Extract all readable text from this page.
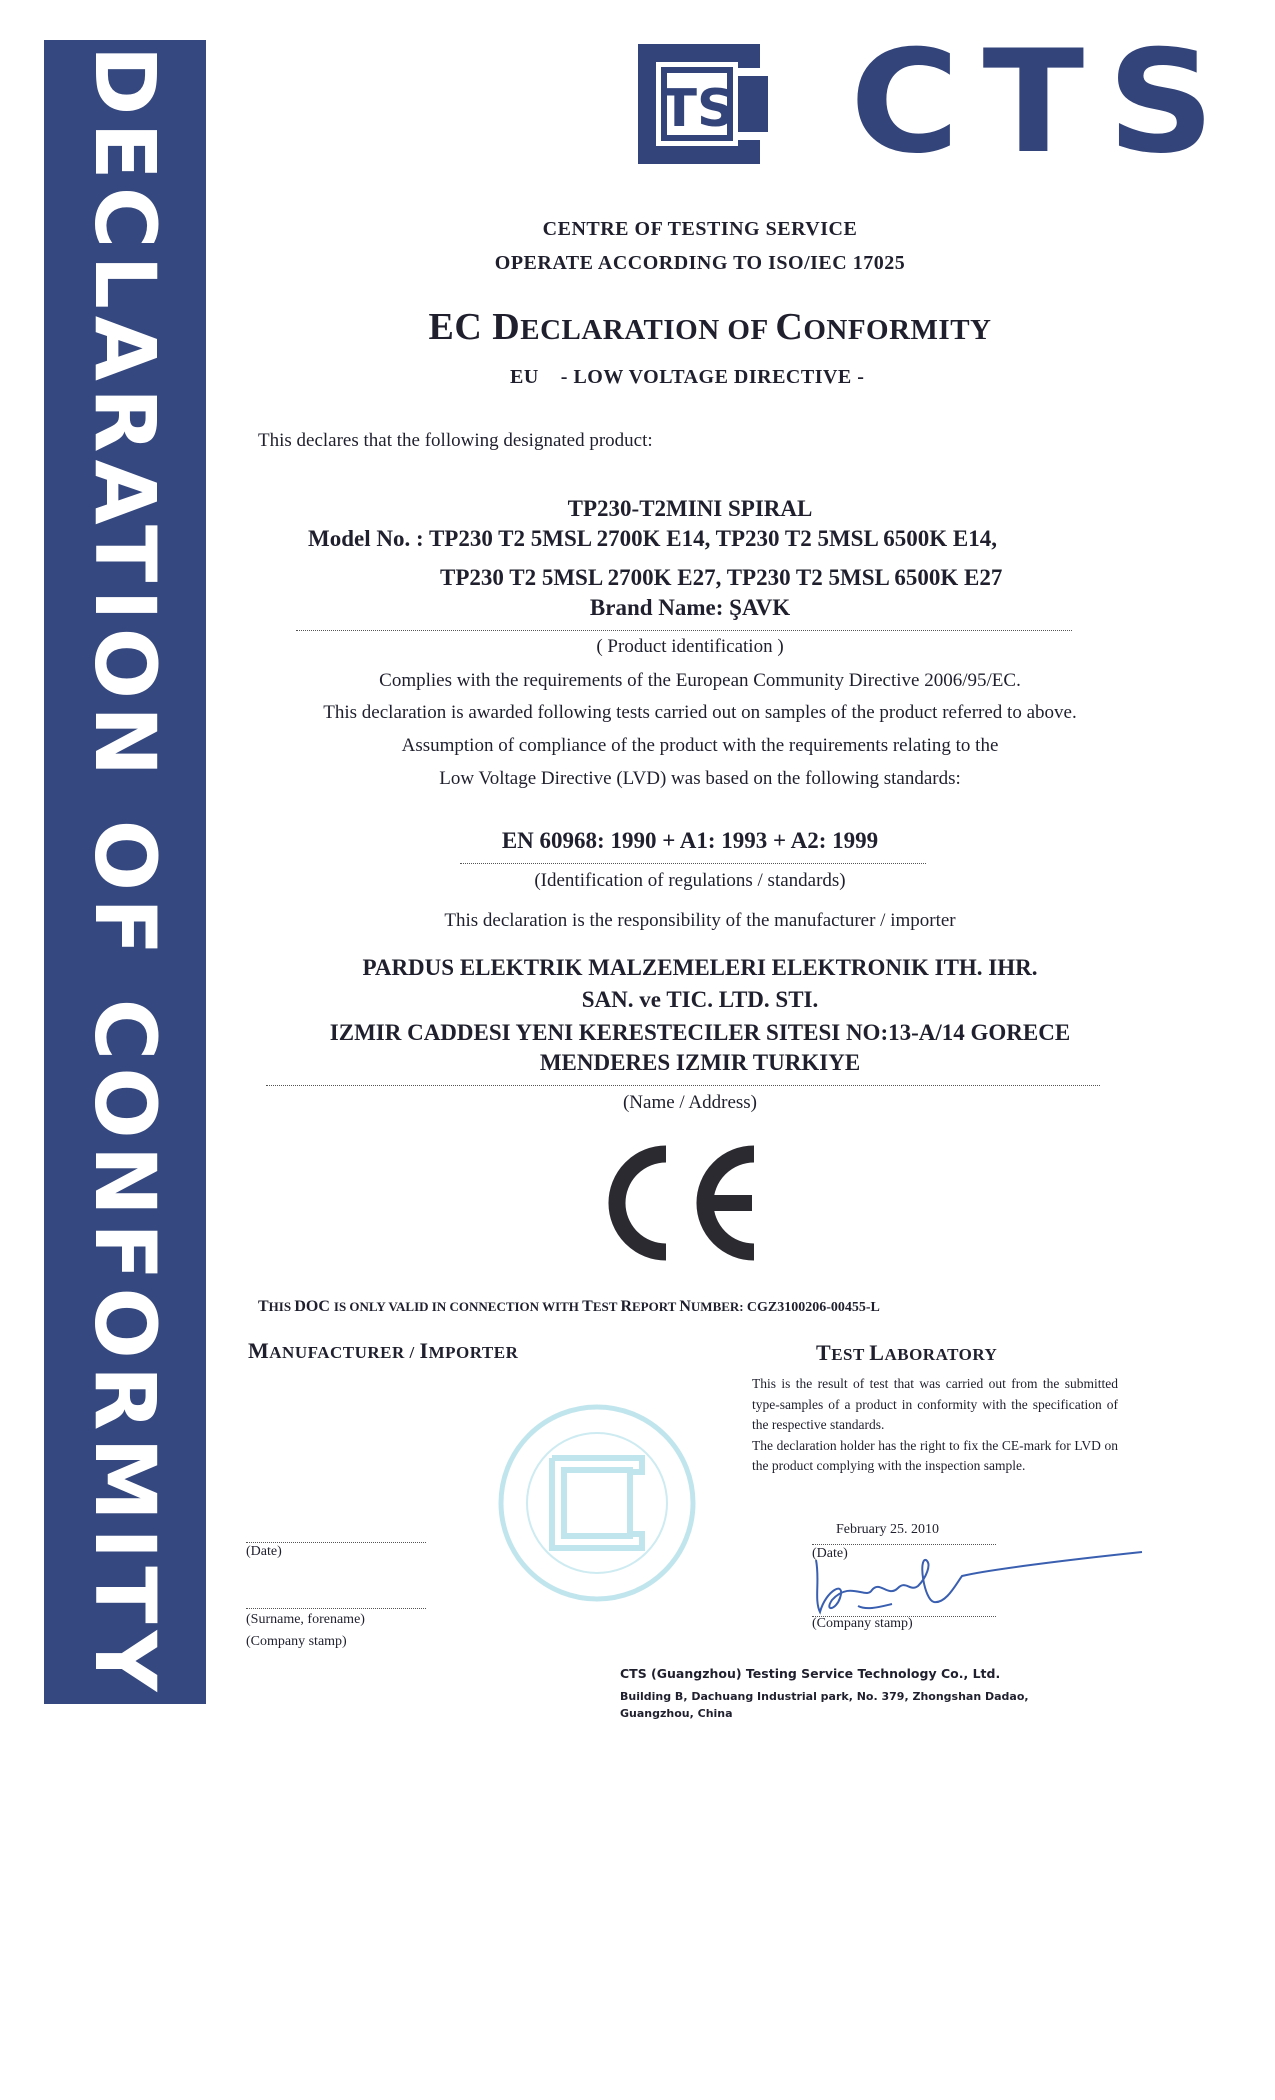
DECLARATION OF CONFORMITY	TS CTS
CENTRE OF TESTING SERVICE
OPERATE ACCORDING TO ISO/IEC 17025
EC DECLARATION OF CONFORMITY
EU    - LOW VOLTAGE DIRECTIVE -
This declares that the following designated product:
TP230-T2MINI SPIRAL
Model No. : TP230 T2 5MSL 2700K E14, TP230 T2 5MSL 6500K E14,
TP230 T2 5MSL 2700K E27, TP230 T2 5MSL 6500K E27
Brand Name: ŞAVK
( Product identification )
Complies with the requirements of the European Community Directive 2006/95/EC.
This declaration is awarded following tests carried out on samples of the product referred to above.
Assumption of compliance of the product with the requirements relating to the
Low Voltage Directive (LVD) was based on the following standards:
EN 60968: 1990 + A1: 1993 + A2: 1999
(Identification of regulations / standards)
This declaration is the responsibility of the manufacturer / importer
PARDUS ELEKTRIK MALZEMELERI ELEKTRONIK ITH. IHR.
SAN. ve TIC. LTD. STI.
IZMIR CADDESI YENI KERESTECILER SITESI NO:13-A/14 GORECE
MENDERES IZMIR TURKIYE
(Name / Address)
THIS DOC IS ONLY VALID IN CONNECTION WITH TEST REPORT NUMBER: CGZ3100206-00455-L
MANUFACTURER / IMPORTER
(Date)
(Surname, forename)
(Company stamp)
TEST LABORATORY
This is the result of test that was carried out from the submitted type-samples of a product in conformity with the specification of the respective standards.
The declaration holder has the right to fix the CE-mark for LVD on the product complying with the inspection sample.
February 25. 2010
(Date)
(Company stamp)
CTS (Guangzhou) Testing Service Technology Co., Ltd.
Building B, Dachuang Industrial park, No. 379, Zhongshan Dadao,
Guangzhou, China
